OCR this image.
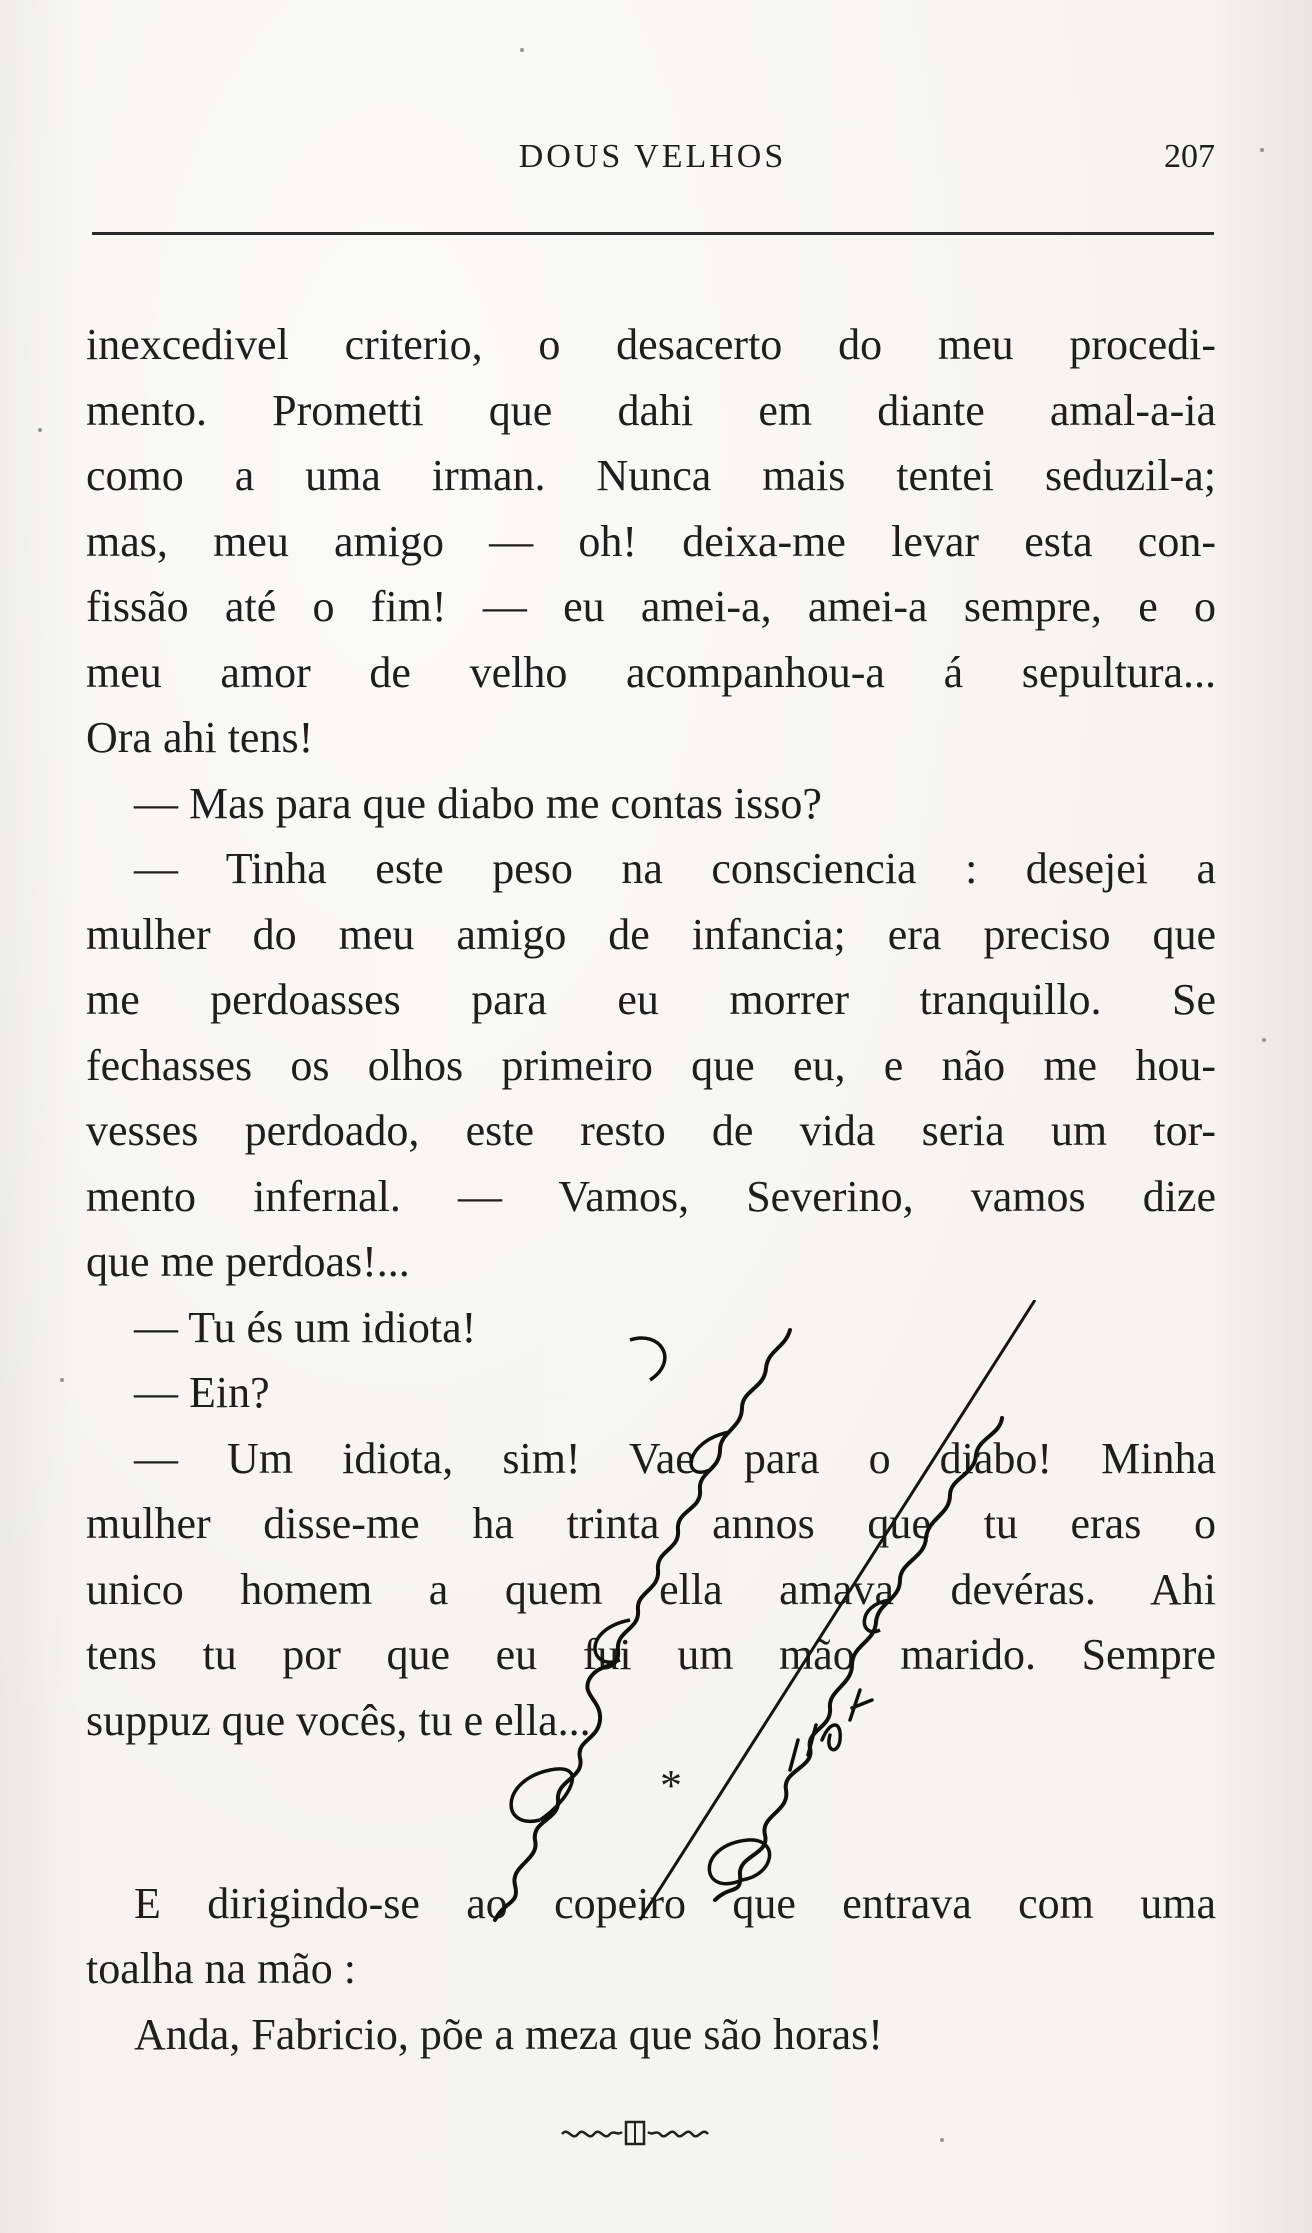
DOUS VELHOS	207
inexcedivel criterio, o desacerto do meu procedi-
mento. Prometti que dahi em diante amal-a-ia
como a uma irman. Nunca mais tentei seduzil-a;
mas, meu amigo — oh! deixa-me levar esta con-
fissão até o fim! — eu amei-a, amei-a sempre, e o
meu amor de velho acompanhou-a á sepultura...
Ora ahi tens!
— Mas para que diabo me contas isso?
— Tinha este peso na consciencia : desejei a
mulher do meu amigo de infancia; era preciso que
me perdoasses para eu morrer tranquillo. Se
fechasses os olhos primeiro que eu, e não me hou-
vesses perdoado, este resto de vida seria um tor-
mento infernal. — Vamos, Severino, vamos dize
que me perdoas!...
— Tu és um idiota!
— Ein?
— Um idiota, sim! Vae para o diabo! Minha
mulher disse-me ha trinta annos que tu eras o
unico homem a quem ella amava devéras. Ahi
tens tu por que eu fui um mão marido. Sempre
suppuz que vocês, tu e ella...
*
E dirigindo-se ao copeiro que entrava com uma
toalha na mão :
Anda, Fabricio, põe a meza que são horas!
